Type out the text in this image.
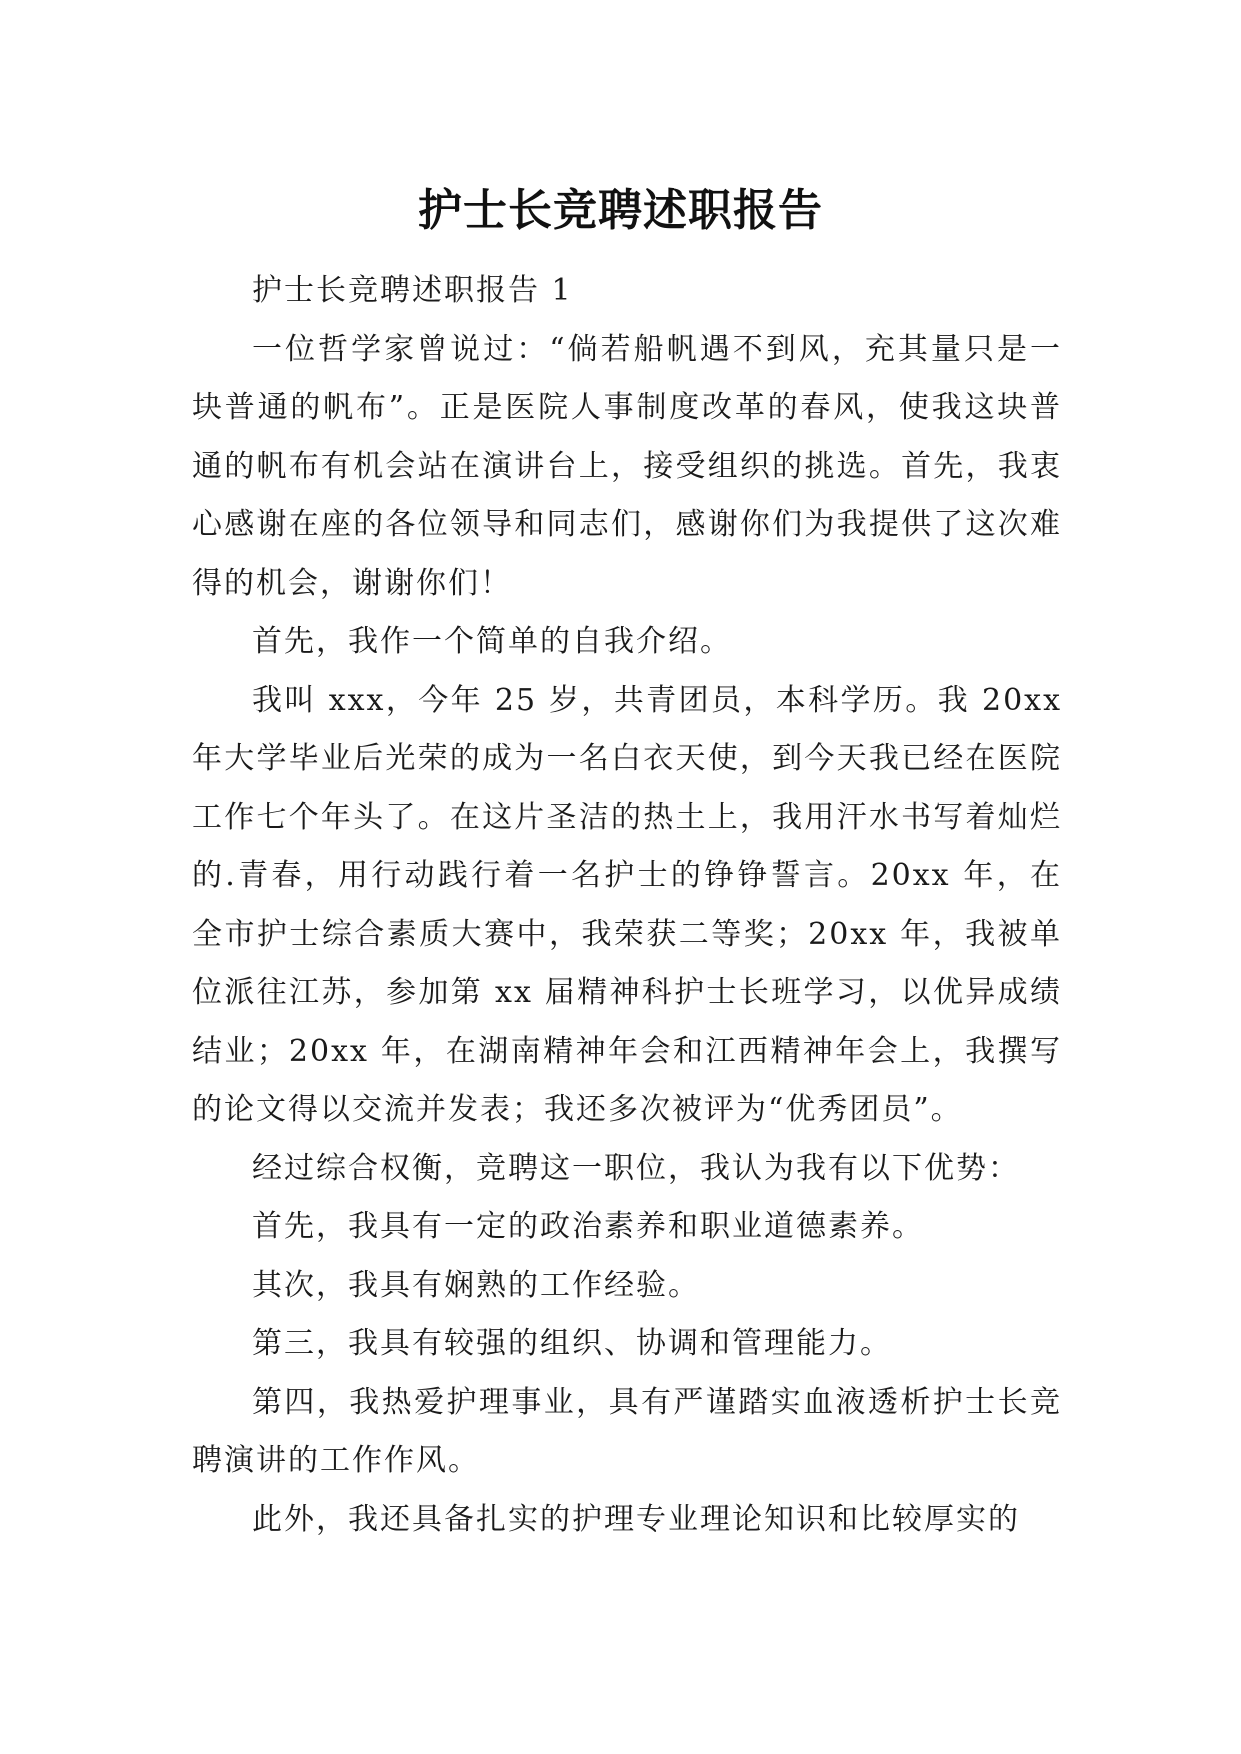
护士长竞聘述职报告

护士长竞聘述职报告 1

一位哲学家曾说过：“倘若船帆遇不到风，充其量只是一块普通的帆布”。正是医院人事制度改革的春风，使我这块普通的帆布有机会站在演讲台上，接受组织的挑选。首先，我衷心感谢在座的各位领导和同志们，感谢你们为我提供了这次难得的机会，谢谢你们！

首先，我作一个简单的自我介绍。

我叫 xxx，今年 25 岁，共青团员，本科学历。我 20xx 年大学毕业后光荣的成为一名白衣天使，到今天我已经在医院工作七个年头了。在这片圣洁的热土上，我用汗水书写着灿烂的.青春，用行动践行着一名护士的铮铮誓言。20xx 年，在全市护士综合素质大赛中，我荣获二等奖；20xx 年，我被单位派往江苏，参加第 xx 届精神科护士长班学习，以优异成绩结业；20xx 年，在湖南精神年会和江西精神年会上，我撰写的论文得以交流并发表；我还多次被评为“优秀团员”。

经过综合权衡，竞聘这一职位，我认为我有以下优势：

首先，我具有一定的政治素养和职业道德素养。

其次，我具有娴熟的工作经验。

第三，我具有较强的组织、协调和管理能力。

第四，我热爱护理事业，具有严谨踏实血液透析护士长竞聘演讲的工作作风。

此外，我还具备扎实的护理专业理论知识和比较厚实的
